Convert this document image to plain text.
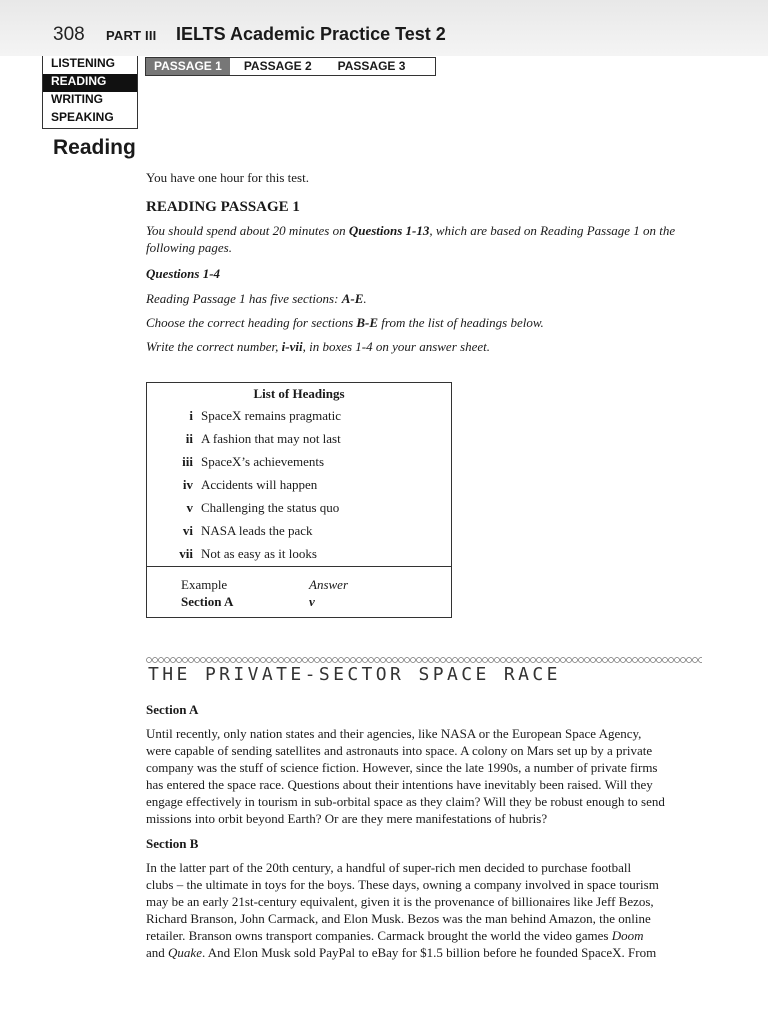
308 PART III IELTS Academic Practice Test 2
LISTENING
READING
WRITING
SPEAKING
PASSAGE 1	PASSAGE 2	PASSAGE 3
Reading

You have one hour for this test.

READING PASSAGE 1

You should spend about 20 minutes on Questions 1-13, which are based on Reading Passage 1 on the following pages.

Questions 1-4

Reading Passage 1 has five sections: A-E.

Choose the correct heading for sections B-E from the list of headings below.

Write the correct number, i-vii, in boxes 1-4 on your answer sheet.

List of Headings
i SpaceX remains pragmatic
ii A fashion that may not last
iii SpaceX’s achievements
iv Accidents will happen
v Challenging the status quo
vi NASA leads the pack
vii Not as easy as it looks
Example	Answer
Section A	v
THE PRIVATE-SECTOR SPACE RACE

Section A

Until recently, only nation states and their agencies, like NASA or the European Space Agency,

were capable of sending satellites and astronauts into space. A colony on Mars set up by a private

company was the stuff of science fiction. However, since the late 1990s, a number of private firms

has entered the space race. Questions about their intentions have inevitably been raised. Will they

engage effectively in tourism in sub-orbital space as they claim? Will they be robust enough to send

missions into orbit beyond Earth? Or are they mere manifestations of hubris?

Section B

In the latter part of the 20th century, a handful of super-rich men decided to purchase football

clubs – the ultimate in toys for the boys. These days, owning a company involved in space tourism

may be an early 21st-century equivalent, given it is the provenance of billionaires like Jeff Bezos,

Richard Branson, John Carmack, and Elon Musk. Bezos was the man behind Amazon, the online

retailer. Branson owns transport companies. Carmack brought the world the video games Doom

and Quake. And Elon Musk sold PayPal to eBay for $1.5 billion before he founded SpaceX. From
